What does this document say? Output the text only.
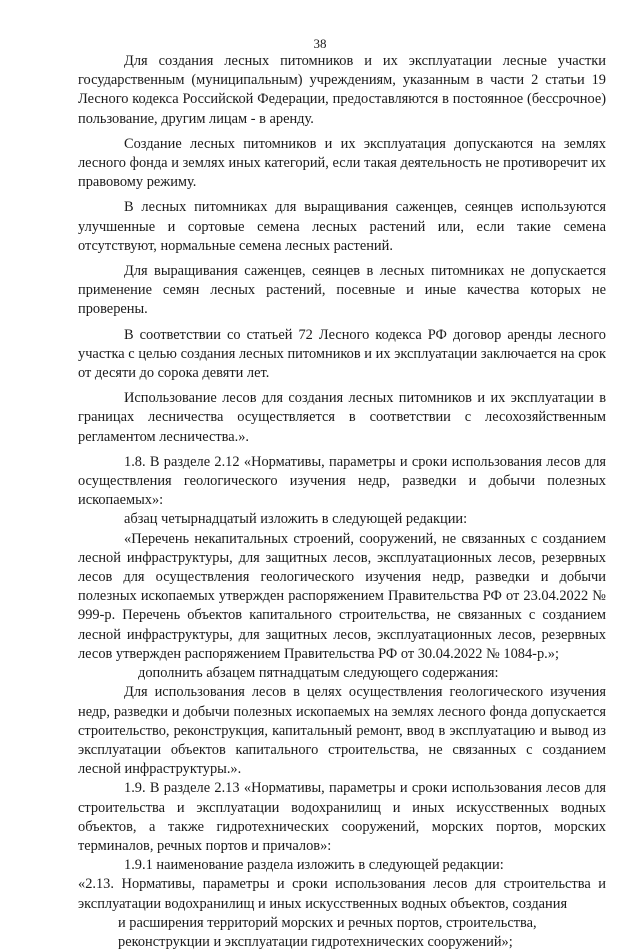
38

Для создания лесных питомников и их эксплуатации лесные участки государственным (муниципальным) учреждениям, указанным в части 2 статьи 19 Лесного кодекса Российской Федерации, предоставляются в постоянное (бессрочное) пользование, другим лицам - в аренду.

Создание лесных питомников и их эксплуатация допускаются на землях лесного фонда и землях иных категорий, если такая деятельность не противоречит их правовому режиму.

В лесных питомниках для выращивания саженцев, сеянцев используются улучшенные и сортовые семена лесных растений или, если такие семена отсутствуют, нормальные семена лесных растений.

Для выращивания саженцев, сеянцев в лесных питомниках не допускается применение семян лесных растений, посевные и иные качества которых не проверены.

В соответствии со статьей 72 Лесного кодекса РФ договор аренды лесного участка с целью создания лесных питомников и их эксплуатации заключается на срок от десяти до сорока девяти лет.

Использование лесов для создания лесных питомников и их эксплуатации в границах лесничества осуществляется в соответствии с лесохозяйственным регламентом лесничества.».

1.8. В разделе 2.12 «Нормативы, параметры и сроки использования лесов для осуществления геологического изучения недр, разведки и добычи полезных ископаемых»:

абзац четырнадцатый изложить в следующей редакции:

«Перечень некапитальных строений, сооружений, не связанных с созданием лесной инфраструктуры, для защитных лесов, эксплуатационных лесов, резервных лесов для осуществления геологического изучения недр, разведки и добычи полезных ископаемых утвержден распоряжением Правительства РФ от 23.04.2022 № 999-р. Перечень объектов капитального строительства, не связанных с созданием лесной инфраструктуры, для защитных лесов, эксплуатационных лесов, резервных лесов утвержден распоряжением Правительства РФ от 30.04.2022 № 1084-р.»;

дополнить абзацем пятнадцатым следующего содержания:

Для использования лесов в целях осуществления геологического изучения недр, разведки и добычи полезных ископаемых на землях лесного фонда допускается строительство, реконструкция, капитальный ремонт, ввод в эксплуатацию и вывод из эксплуатации объектов капитального строительства, не связанных с созданием лесной инфраструктуры.».

1.9. В разделе 2.13 «Нормативы, параметры и сроки использования лесов для строительства и эксплуатации водохранилищ и иных искусственных водных объектов, а также гидротехнических сооружений, морских портов, морских терминалов, речных портов и причалов»:

1.9.1 наименование раздела изложить в следующей редакции:

«2.13. Нормативы, параметры и сроки использования лесов для строительства и эксплуатации водохранилищ и иных искусственных водных объектов, создания

и расширения территорий морских и речных портов, строительства,

реконструкции и эксплуатации гидротехнических сооружений»;
